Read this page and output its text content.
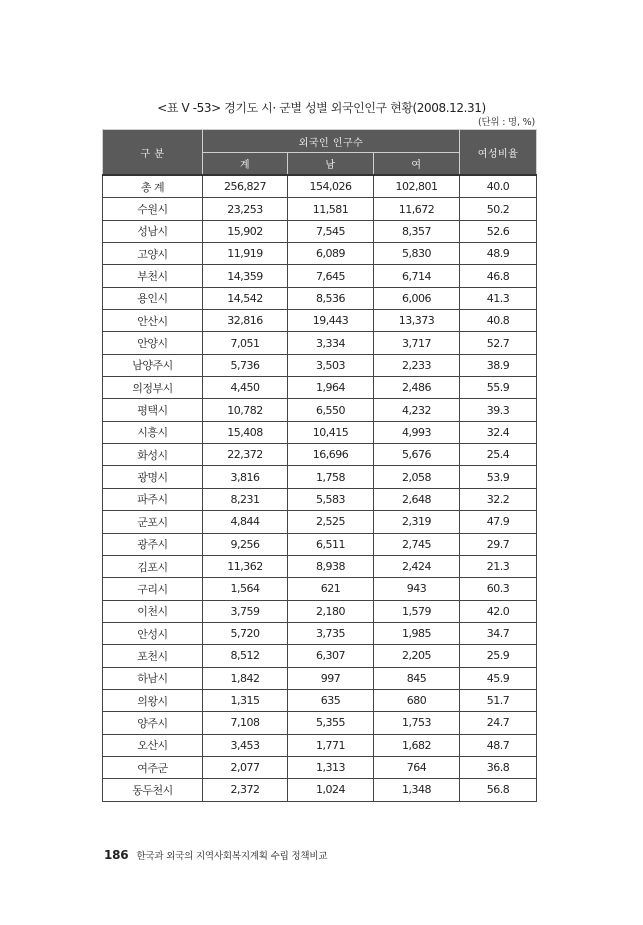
<표 V -53> 경기도 시· 군별 성별 외국인인구 현황(2008.12.31)
(단위 : 명, %)
구 분	외국인 인구수			여성비율
	계	남	여	
총 계	256,827	154,026	102,801	40.0
수원시	23,253	11,581	11,672	50.2
성남시	15,902	7,545	8,357	52.6
고양시	11,919	6,089	5,830	48.9
부천시	14,359	7,645	6,714	46.8
용인시	14,542	8,536	6,006	41.3
안산시	32,816	19,443	13,373	40.8
안양시	7,051	3,334	3,717	52.7
남양주시	5,736	3,503	2,233	38.9
의정부시	4,450	1,964	2,486	55.9
평택시	10,782	6,550	4,232	39.3
시흥시	15,408	10,415	4,993	32.4
화성시	22,372	16,696	5,676	25.4
광명시	3,816	1,758	2,058	53.9
파주시	8,231	5,583	2,648	32.2
군포시	4,844	2,525	2,319	47.9
광주시	9,256	6,511	2,745	29.7
김포시	11,362	8,938	2,424	21.3
구리시	1,564	621	943	60.3
이천시	3,759	2,180	1,579	42.0
안성시	5,720	3,735	1,985	34.7
포천시	8,512	6,307	2,205	25.9
하남시	1,842	997	845	45.9
의왕시	1,315	635	680	51.7
양주시	7,108	5,355	1,753	24.7
오산시	3,453	1,771	1,682	48.7
여주군	2,077	1,313	764	36.8
동두천시	2,372	1,024	1,348	56.8
186 한국과 외국의 지역사회복지계획 수립 정책비교
